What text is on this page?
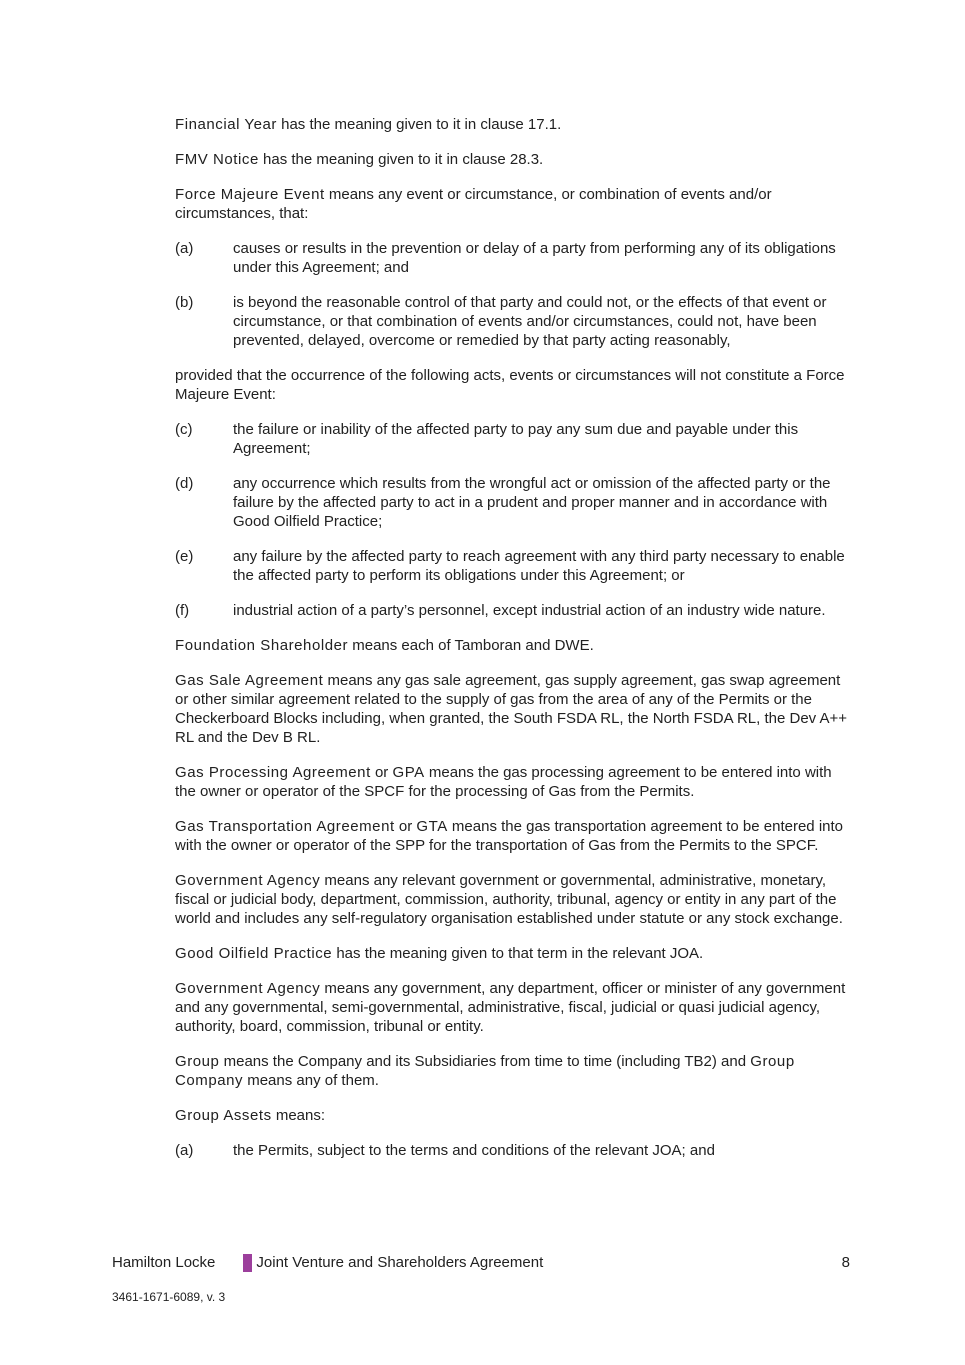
Financial Year has the meaning given to it in clause 17.1.

FMV Notice has the meaning given to it in clause 28.3.

Force Majeure Event means any event or circumstance, or combination of events and/or circumstances, that:

(a)	causes or results in the prevention or delay of a party from performing any of its obligations under this Agreement; and
(b)	is beyond the reasonable control of that party and could not, or the effects of that event or circumstance, or that combination of events and/or circumstances, could not, have been prevented, delayed, overcome or remedied by that party acting reasonably,

provided that the occurrence of the following acts, events or circumstances will not constitute a Force Majeure Event:

(c)	the failure or inability of the affected party to pay any sum due and payable under this Agreement;
(d)	any occurrence which results from the wrongful act or omission of the affected party or the failure by the affected party to act in a prudent and proper manner and in accordance with Good Oilfield Practice;
(e)	any failure by the affected party to reach agreement with any third party necessary to enable the affected party to perform its obligations under this Agreement; or
(f)	industrial action of a party’s personnel, except industrial action of an industry wide nature.

Foundation Shareholder means each of Tamboran and DWE.

Gas Sale Agreement means any gas sale agreement, gas supply agreement, gas swap agreement or other similar agreement related to the supply of gas from the area of any of the Permits or the Checkerboard Blocks including, when granted, the South FSDA RL, the North FSDA RL, the Dev A++ RL and the Dev B RL.

Gas Processing Agreement or GPA means the gas processing agreement to be entered into with the owner or operator of the SPCF for the processing of Gas from the Permits.

Gas Transportation Agreement or GTA means the gas transportation agreement to be entered into with the owner or operator of the SPP for the transportation of Gas from the Permits to the SPCF.

Government Agency means any relevant government or governmental, administrative, monetary, fiscal or judicial body, department, commission, authority, tribunal, agency or entity in any part of the world and includes any self-regulatory organisation established under statute or any stock exchange.

Good Oilfield Practice has the meaning given to that term in the relevant JOA.

Government Agency means any government, any department, officer or minister of any government and any governmental, semi-governmental, administrative, fiscal, judicial or quasi judicial agency, authority, board, commission, tribunal or entity.

Group means the Company and its Subsidiaries from time to time (including TB2) and Group Company means any of them.

Group Assets means:

(a)	the Permits, subject to the terms and conditions of the relevant JOA; and
Hamilton Locke	Joint Venture and Shareholders Agreement	8
3461-1671-6089, v. 3
